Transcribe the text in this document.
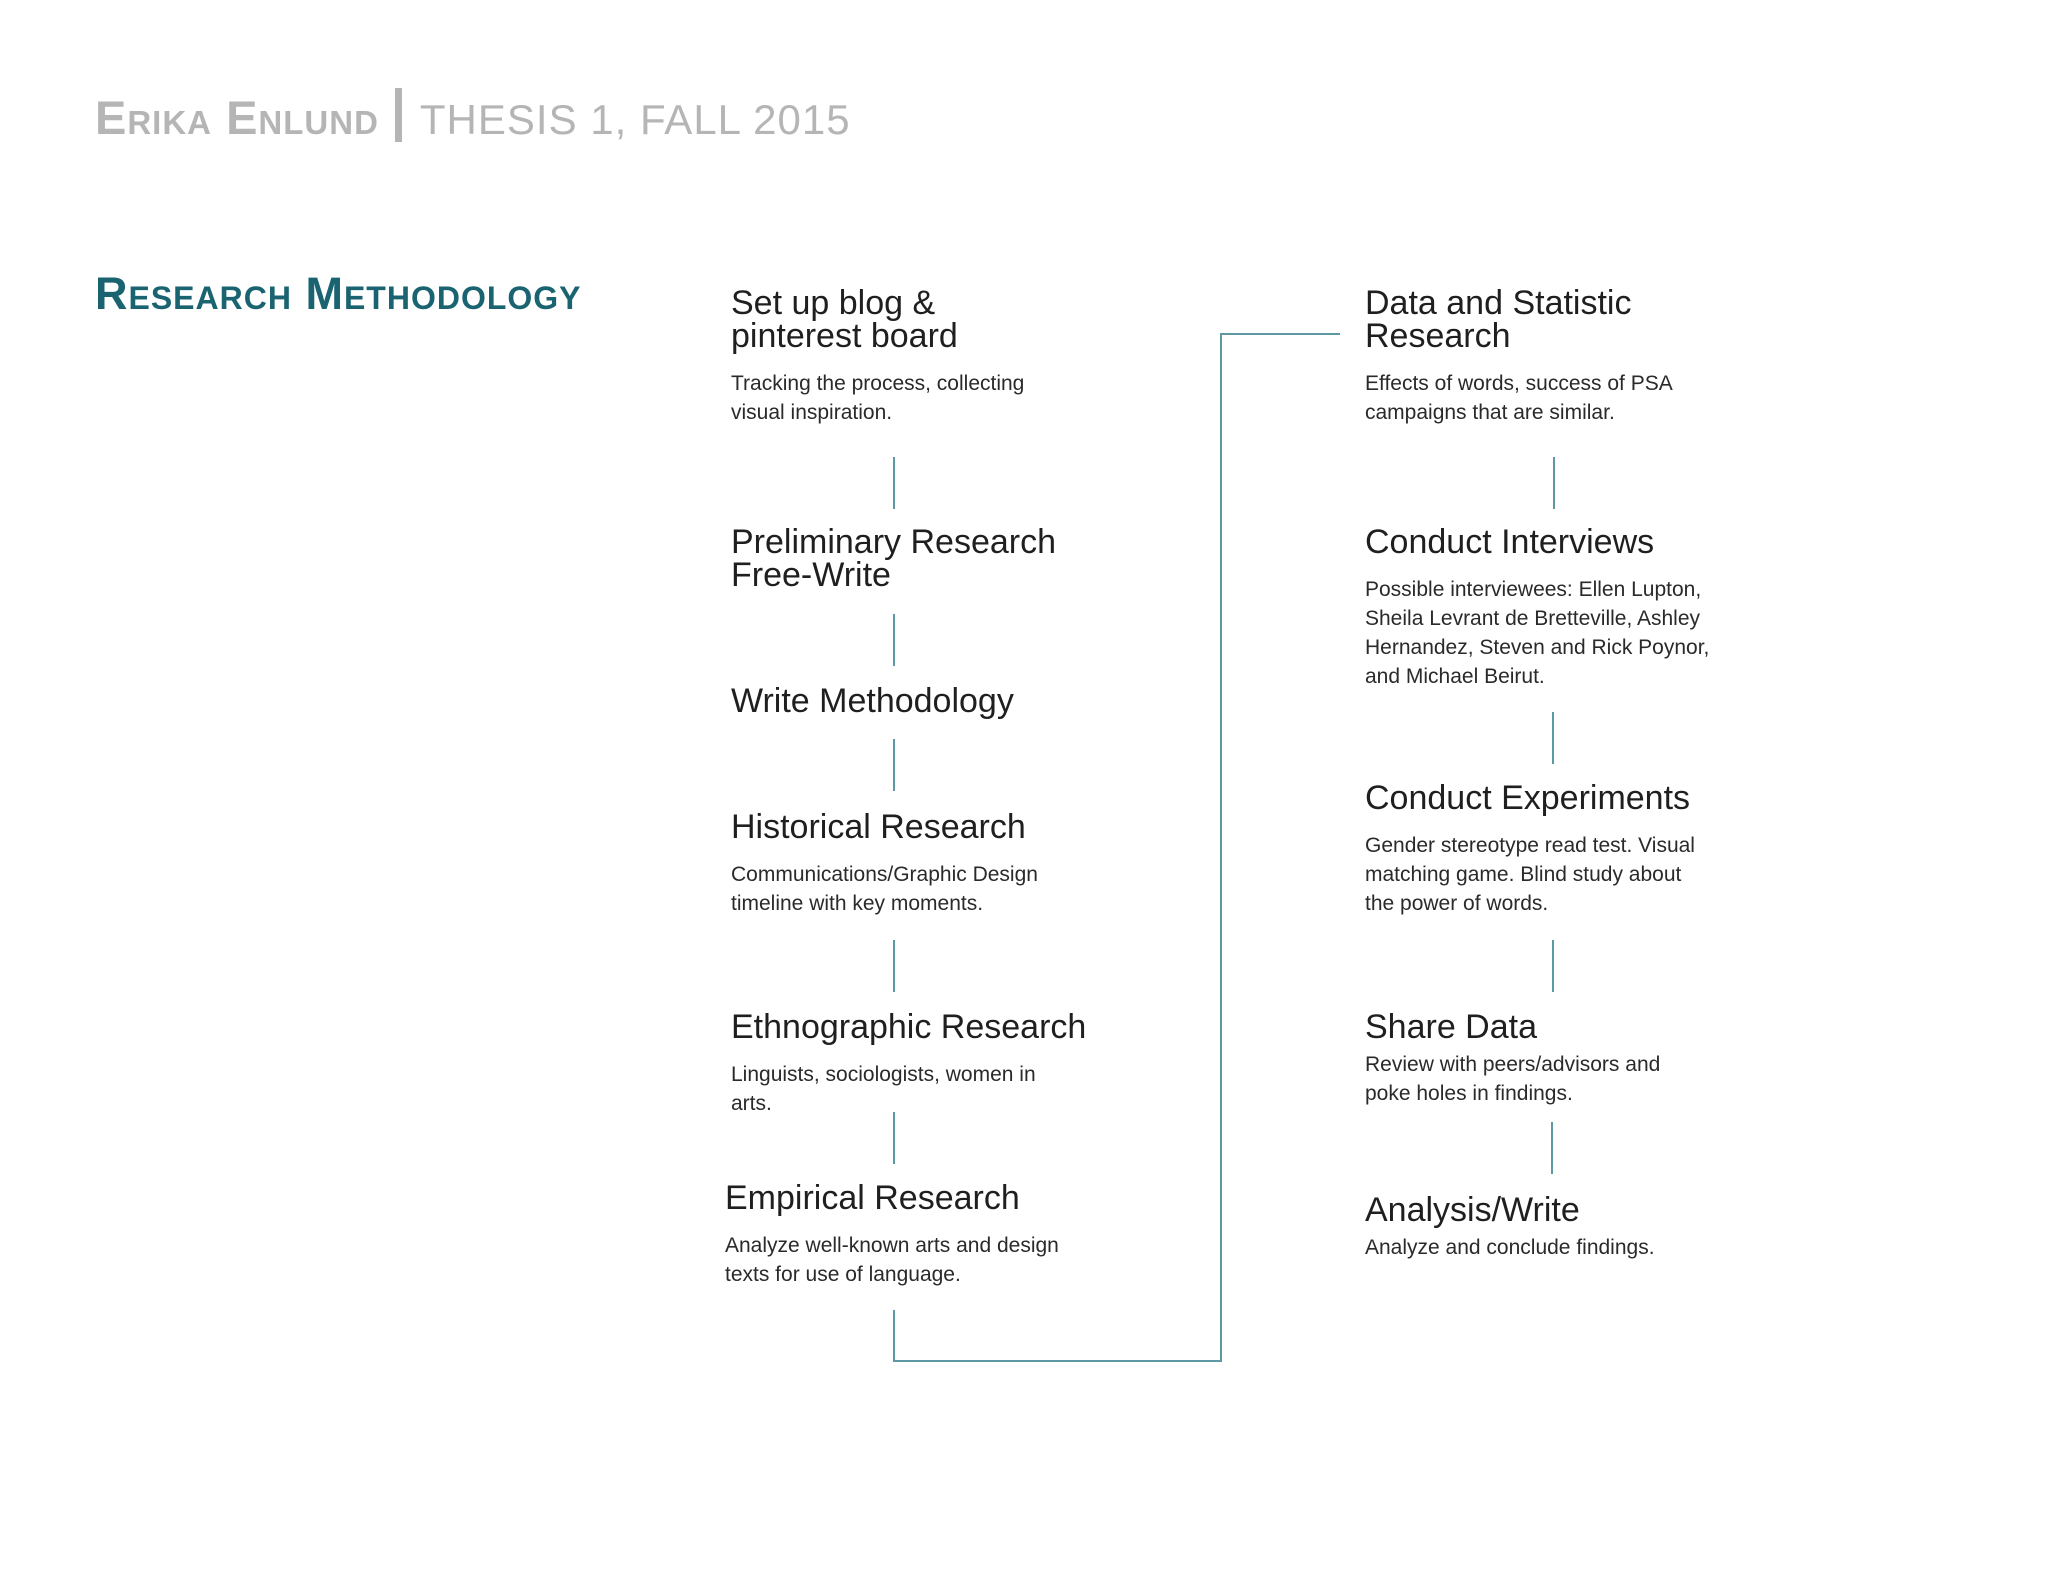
Erika Enlund THESIS 1, FALL 2015
Research Methodology	Set up blog &
pinterest board
Tracking the process, collecting
visual inspiration.
Preliminary Research
Free-Write
Write Methodology
Historical Research
Communications/Graphic Design
timeline with key moments.
Ethnographic Research
Linguists, sociologists, women in
arts.
Empirical Research
Analyze well-known arts and design
texts for use of language.
Data and Statistic
Research
Effects of words, success of PSA
campaigns that are similar.
Conduct Interviews
Possible interviewees: Ellen Lupton,
Sheila Levrant de Bretteville, Ashley
Hernandez, Steven and Rick Poynor,
and Michael Beirut.
Conduct Experiments
Gender stereotype read test. Visual
matching game. Blind study about
the power of words.
Share Data
Review with peers/advisors and
poke holes in findings.
Analysis/Write
Analyze and conclude findings.
